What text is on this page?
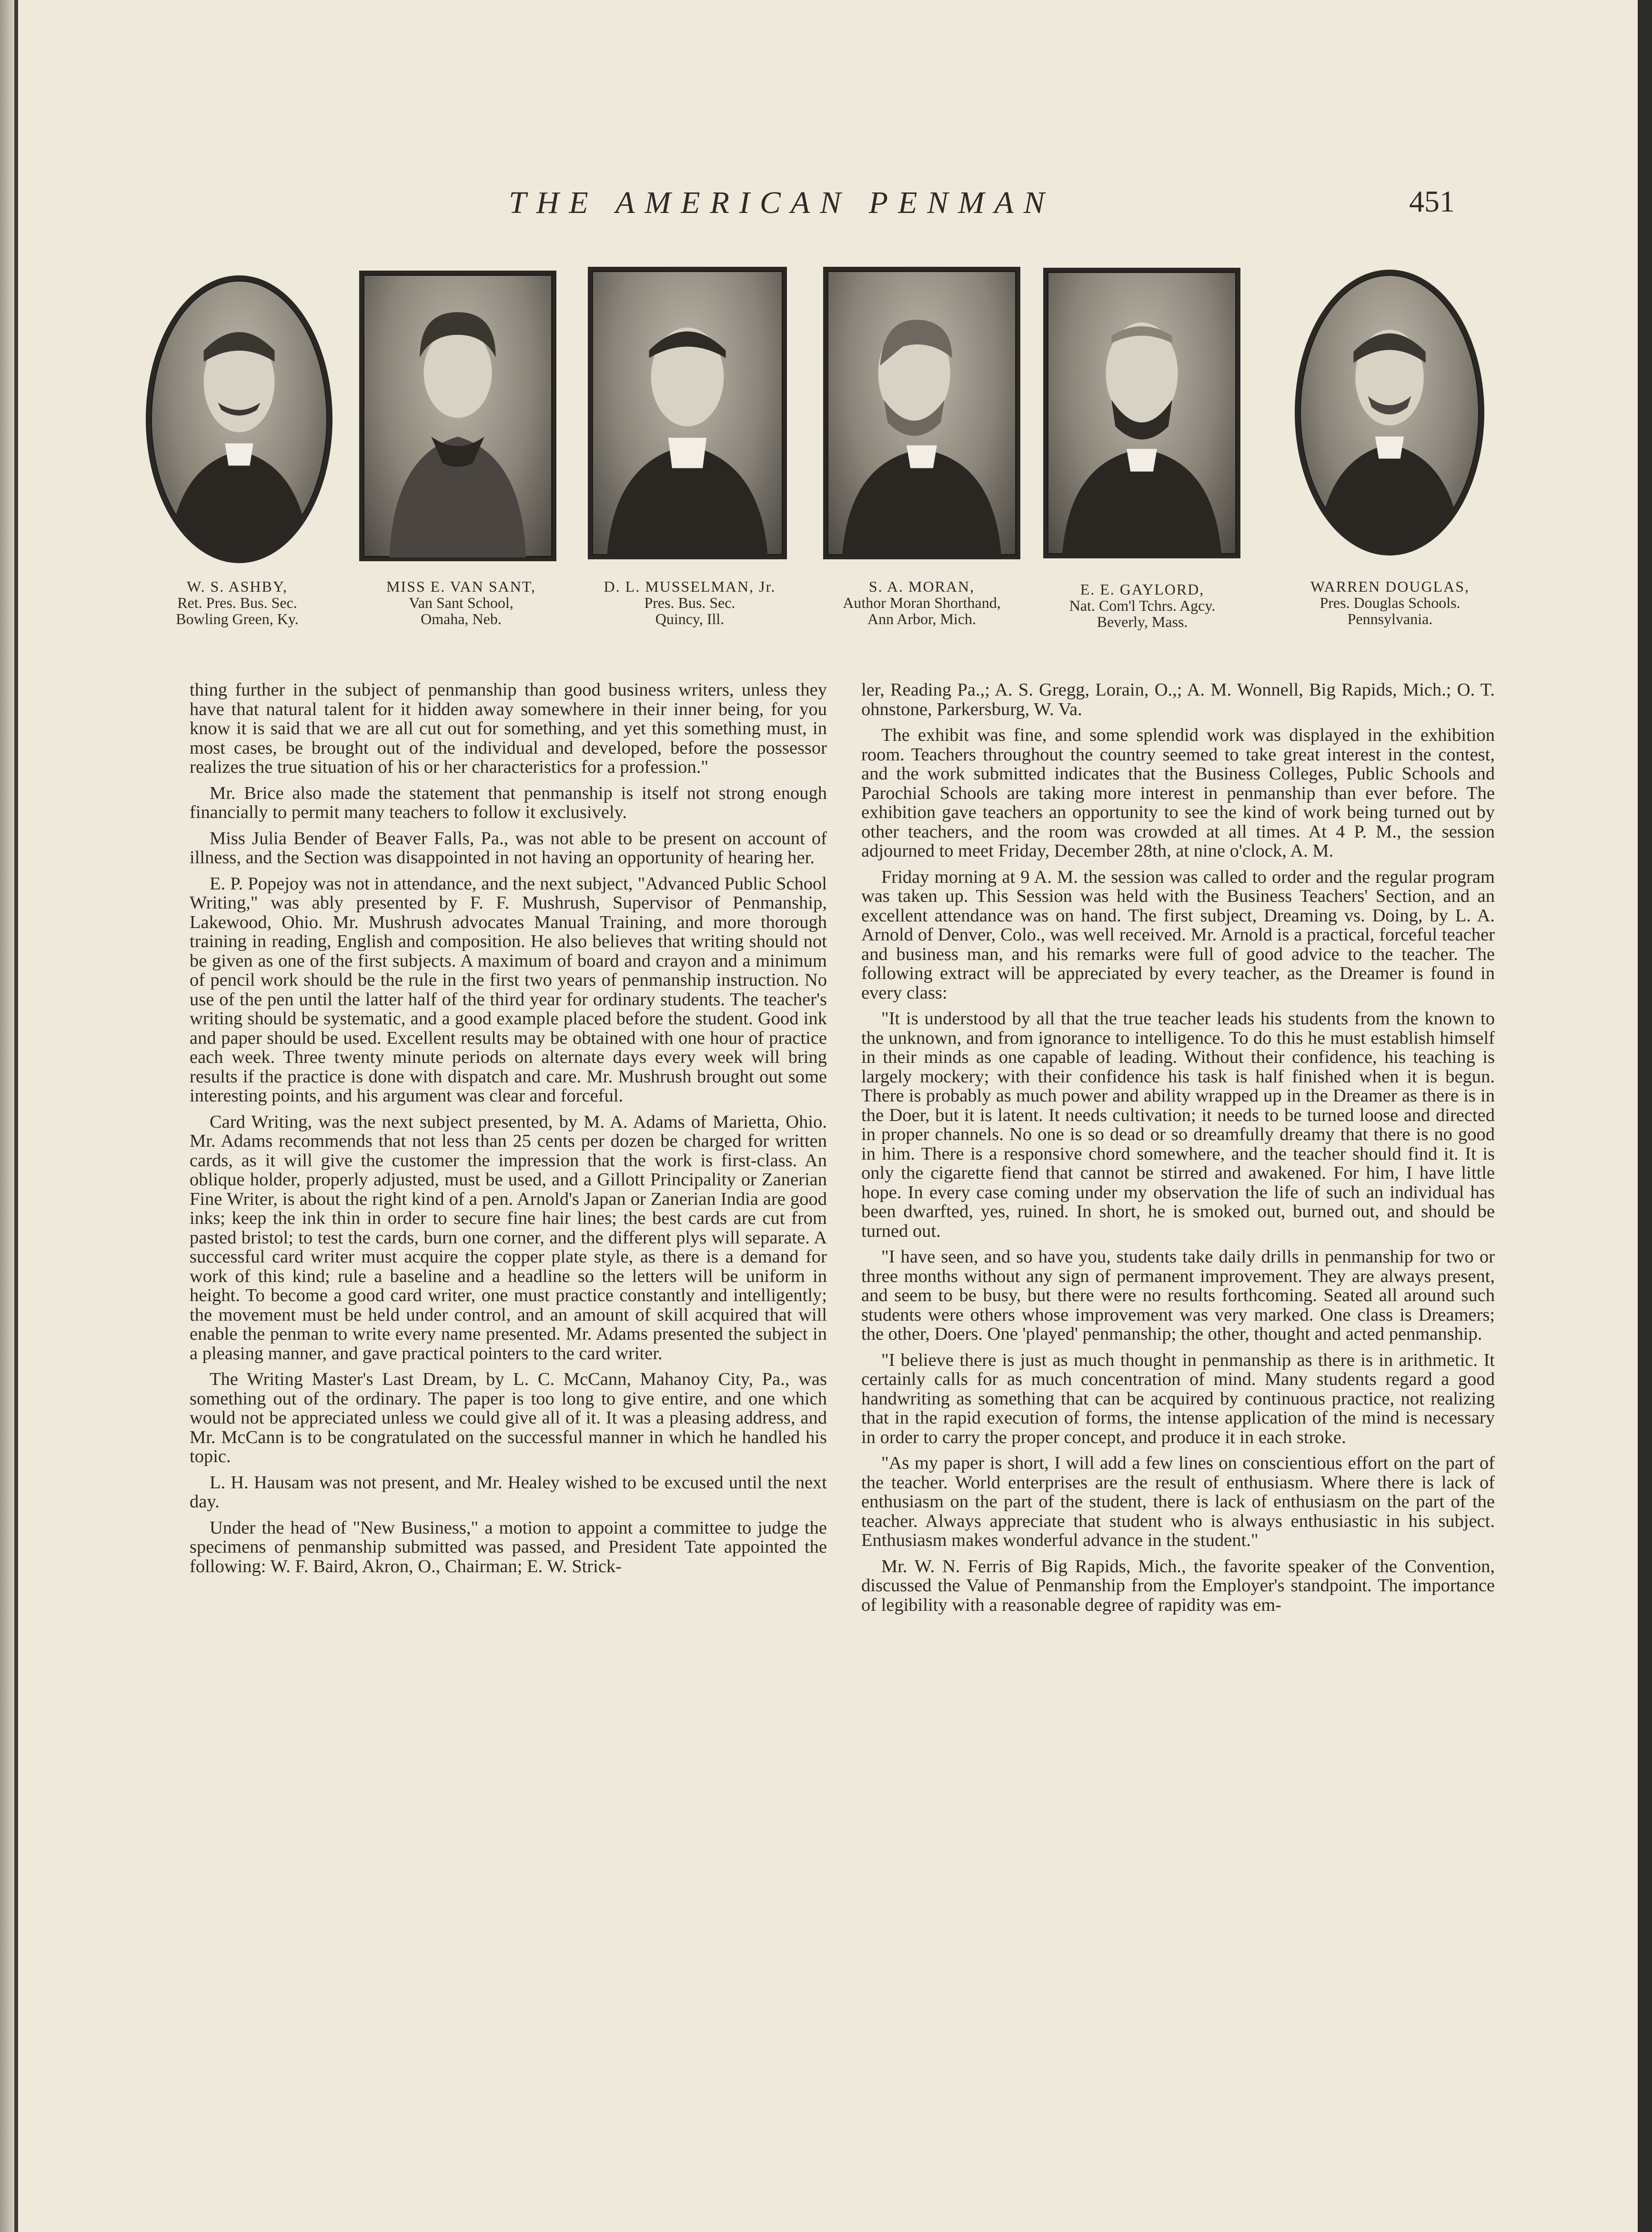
THE AMERICAN PENMAN	451
W. S. ASHBY,
Ret. Pres. Bus. Sec.
Bowling Green, Ky.
MISS E. VAN SANT,
Van Sant School,
Omaha, Neb.
D. L. MUSSELMAN, Jr.
Pres. Bus. Sec.
Quincy, Ill.
S. A. MORAN,
Author Moran Shorthand,
Ann Arbor, Mich.
E. E. GAYLORD,
Nat. Com'l Tchrs. Agcy.
Beverly, Mass.
WARREN DOUGLAS,
Pres. Douglas Schools.
Pennsylvania.

thing further in the subject of penmanship than good business writers, unless they have that natural talent for it hidden away somewhere in their inner being, for you know it is said that we are all cut out for something, and yet this something must, in most cases, be brought out of the individual and developed, before the possessor realizes the true situation of his or her characteristics for a profession."

Mr. Brice also made the statement that penmanship is itself not strong enough financially to permit many teachers to follow it exclusively.

Miss Julia Bender of Beaver Falls, Pa., was not able to be present on account of illness, and the Section was disappointed in not having an opportunity of hearing her.

E. P. Popejoy was not in attendance, and the next subject, "Advanced Public School Writing," was ably presented by F. F. Mushrush, Supervisor of Penmanship, Lakewood, Ohio. Mr. Mushrush advocates Manual Training, and more thorough training in reading, English and composition. He also believes that writing should not be given as one of the first subjects. A maximum of board and crayon and a minimum of pencil work should be the rule in the first two years of penmanship instruction. No use of the pen until the latter half of the third year for ordinary students. The teacher's writing should be systematic, and a good example placed before the student. Good ink and paper should be used. Excellent results may be obtained with one hour of practice each week. Three twenty minute periods on alternate days every week will bring results if the practice is done with dispatch and care. Mr. Mushrush brought out some interesting points, and his argument was clear and forceful.

Card Writing, was the next subject presented, by M. A. Adams of Marietta, Ohio. Mr. Adams recommends that not less than 25 cents per dozen be charged for written cards, as it will give the customer the impression that the work is first-class. An oblique holder, properly adjusted, must be used, and a Gillott Principality or Zanerian Fine Writer, is about the right kind of a pen. Arnold's Japan or Zanerian India are good inks; keep the ink thin in order to secure fine hair lines; the best cards are cut from pasted bristol; to test the cards, burn one corner, and the different plys will separate. A successful card writer must acquire the copper plate style, as there is a demand for work of this kind; rule a baseline and a headline so the letters will be uniform in height. To become a good card writer, one must practice constantly and intelligently; the movement must be held under control, and an amount of skill acquired that will enable the penman to write every name presented. Mr. Adams presented the subject in a pleasing manner, and gave practical pointers to the card writer.

The Writing Master's Last Dream, by L. C. McCann, Mahanoy City, Pa., was something out of the ordinary. The paper is too long to give entire, and one which would not be appreciated unless we could give all of it. It was a pleasing address, and Mr. McCann is to be congratulated on the successful manner in which he handled his topic.

L. H. Hausam was not present, and Mr. Healey wished to be excused until the next day.

Under the head of "New Business," a motion to appoint a committee to judge the specimens of penmanship submitted was passed, and President Tate appointed the following: W. F. Baird, Akron, O., Chairman; E. W. Strick-

ler, Reading Pa.,; A. S. Gregg, Lorain, O.,; A. M. Wonnell, Big Rapids, Mich.; O. T. ohnstone, Parkersburg, W. Va.

The exhibit was fine, and some splendid work was displayed in the exhibition room. Teachers throughout the country seemed to take great interest in the contest, and the work submitted indicates that the Business Colleges, Public Schools and Parochial Schools are taking more interest in penmanship than ever before. The exhibition gave teachers an opportunity to see the kind of work being turned out by other teachers, and the room was crowded at all times. At 4 P. M., the session adjourned to meet Friday, December 28th, at nine o'clock, A. M.

Friday morning at 9 A. M. the session was called to order and the regular program was taken up. This Session was held with the Business Teachers' Section, and an excellent attendance was on hand. The first subject, Dreaming vs. Doing, by L. A. Arnold of Denver, Colo., was well received. Mr. Arnold is a practical, forceful teacher and business man, and his remarks were full of good advice to the teacher. The following extract will be appreciated by every teacher, as the Dreamer is found in every class:

"It is understood by all that the true teacher leads his students from the known to the unknown, and from ignorance to intelligence. To do this he must establish himself in their minds as one capable of leading. Without their confidence, his teaching is largely mockery; with their confidence his task is half finished when it is begun. There is probably as much power and ability wrapped up in the Dreamer as there is in the Doer, but it is latent. It needs cultivation; it needs to be turned loose and directed in proper channels. No one is so dead or so dreamfully dreamy that there is no good in him. There is a responsive chord somewhere, and the teacher should find it. It is only the cigarette fiend that cannot be stirred and awakened. For him, I have little hope. In every case coming under my observation the life of such an individual has been dwarfted, yes, ruined. In short, he is smoked out, burned out, and should be turned out.

"I have seen, and so have you, students take daily drills in penmanship for two or three months without any sign of permanent improvement. They are always present, and seem to be busy, but there were no results forthcoming. Seated all around such students were others whose improvement was very marked. One class is Dreamers; the other, Doers. One 'played' penmanship; the other, thought and acted penmanship.

"I believe there is just as much thought in penmanship as there is in arithmetic. It certainly calls for as much concentration of mind. Many students regard a good handwriting as something that can be acquired by continuous practice, not realizing that in the rapid execution of forms, the intense application of the mind is necessary in order to carry the proper concept, and produce it in each stroke.

"As my paper is short, I will add a few lines on conscientious effort on the part of the teacher. World enterprises are the result of enthusiasm. Where there is lack of enthusiasm on the part of the student, there is lack of enthusiasm on the part of the teacher. Always appreciate that student who is always enthusiastic in his subject. Enthusiasm makes wonderful advance in the student."

Mr. W. N. Ferris of Big Rapids, Mich., the favorite speaker of the Convention, discussed the Value of Penmanship from the Employer's standpoint. The importance of legibility with a reasonable degree of rapidity was em-
